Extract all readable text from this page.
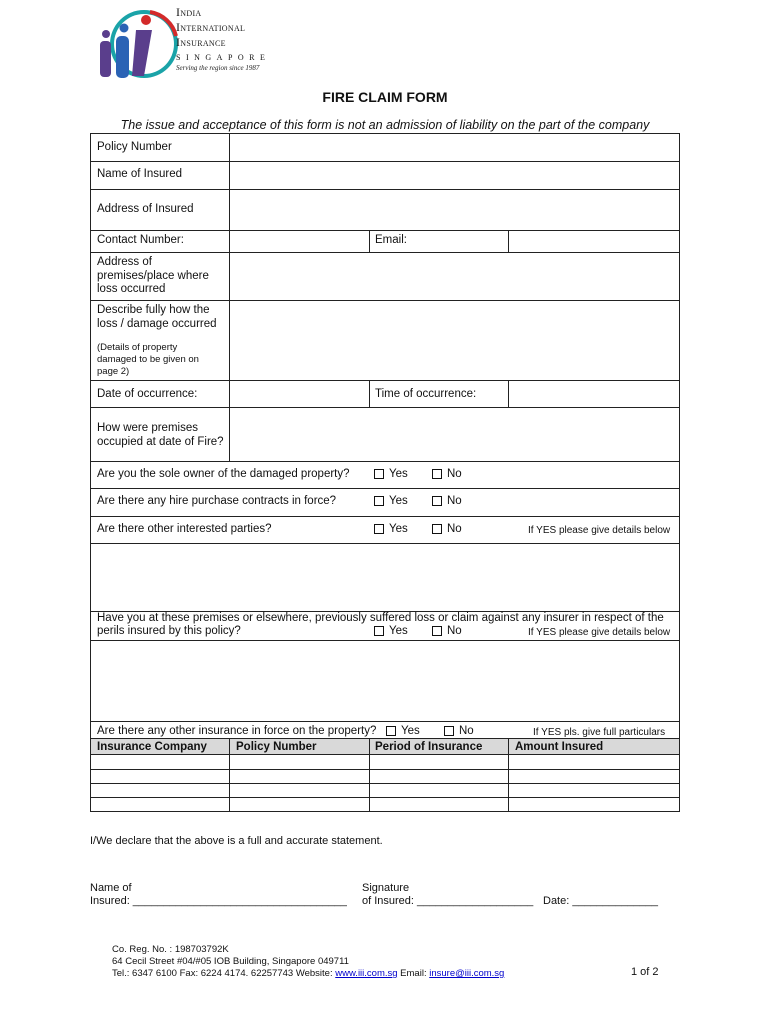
India
International
Insurance
SINGAPORE
Serving the region since 1987
FIRE CLAIM FORM
The issue and acceptance of this form is not an admission of liability on the part of the company
Policy Number
Name of Insured
Address of Insured
Contact Number:	Email:
Address of
premises/place where
loss occurred
Describe fully how the
loss / damage occurred
(Details of property
damaged to be given on
page 2)
Date of occurrence:	Time of occurrence:
How were premises
occupied at date of Fire?
Are you the sole owner of the damaged property?	Yes	No
Are there any hire purchase contracts in force?	Yes	No
Are there other interested parties?	Yes	No	If YES please give details below
Have you at these premises or elsewhere, previously suffered loss or claim against any insurer in respect of the
perils insured by this policy?	Yes	No	If YES please give details below
Are there any other insurance in force on the property? Yes	No	If YES pls. give full particulars
Insurance Company	Policy Number	Period of Insurance	Amount Insured
I/We declare that the above is a full and accurate statement.
Name of
Insured: ___________________________________
Signature
of Insured: ___________________ Date: ______________
Co. Reg. No. : 198703792K
64 Cecil Street #04/#05 IOB Building, Singapore 049711
Tel.: 6347 6100 Fax: 6224 4174. 62257743 Website: www.iii.com.sg Email: insure@iii.com.sg	1 of 2
